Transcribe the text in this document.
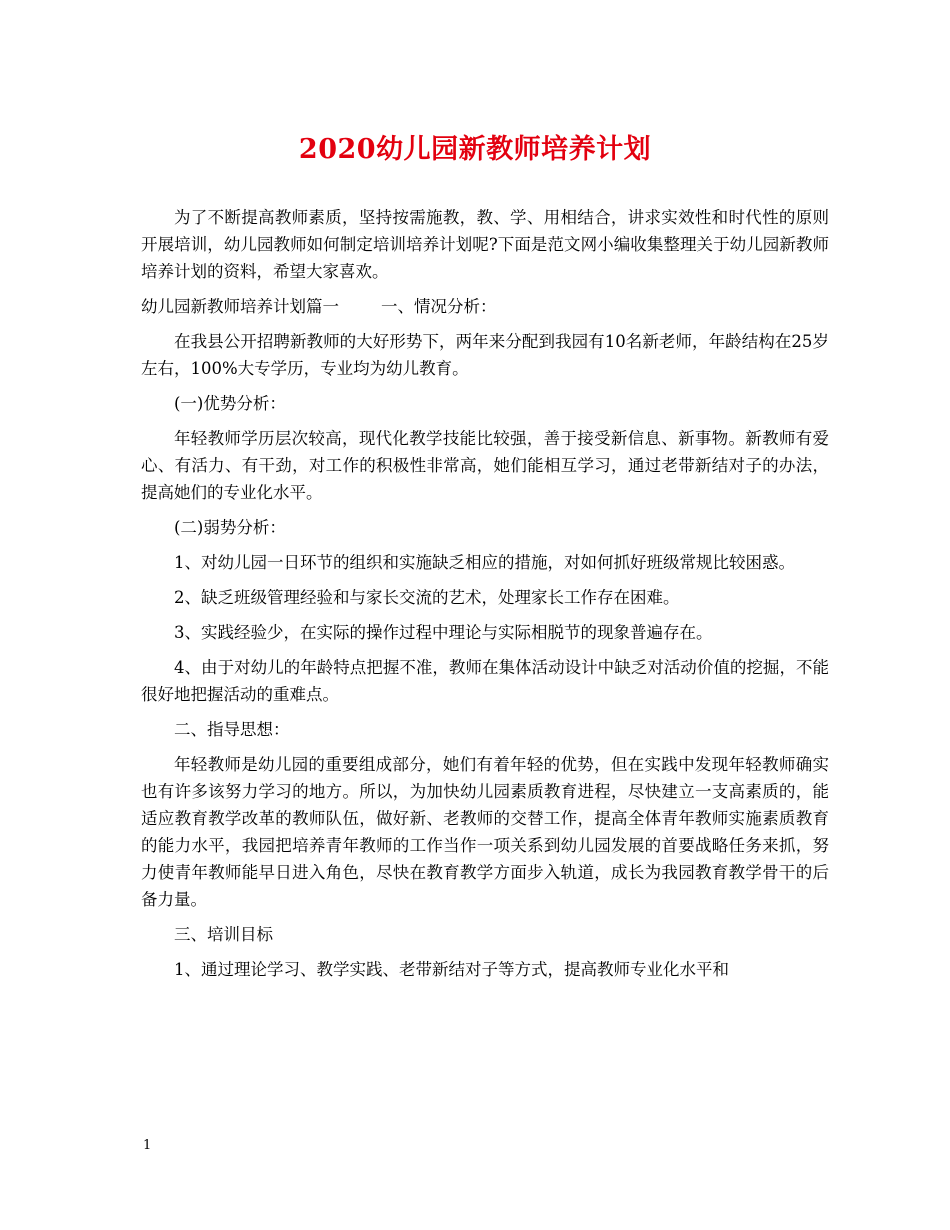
2020幼儿园新教师培养计划

为了不断提高教师素质，坚持按需施教，教、学、用相结合，讲求实效性和时代性的原则开展培训，幼儿园教师如何制定培训培养计划呢?下面是范文网小编收集整理关于幼儿园新教师培养计划的资料，希望大家喜欢。

幼儿园新教师培养计划篇一	一、情况分析：

在我县公开招聘新教师的大好形势下，两年来分配到我园有10名新老师，年龄结构在25岁左右，100%大专学历，专业均为幼儿教育。

(一)优势分析：

年轻教师学历层次较高，现代化教学技能比较强，善于接受新信息、新事物。新教师有爱心、有活力、有干劲，对工作的积极性非常高，她们能相互学习，通过老带新结对子的办法，提高她们的专业化水平。

(二)弱势分析：

1、对幼儿园一日环节的组织和实施缺乏相应的措施，对如何抓好班级常规比较困惑。

2、缺乏班级管理经验和与家长交流的艺术，处理家长工作存在困难。

3、实践经验少，在实际的操作过程中理论与实际相脱节的现象普遍存在。

4、由于对幼儿的年龄特点把握不准，教师在集体活动设计中缺乏对活动价值的挖掘，不能很好地把握活动的重难点。

二、指导思想：

年轻教师是幼儿园的重要组成部分，她们有着年轻的优势，但在实践中发现年轻教师确实也有许多该努力学习的地方。所以，为加快幼儿园素质教育进程，尽快建立一支高素质的，能适应教育教学改革的教师队伍，做好新、老教师的交替工作，提高全体青年教师实施素质教育的能力水平，我园把培养青年教师的工作当作一项关系到幼儿园发展的首要战略任务来抓，努力使青年教师能早日进入角色，尽快在教育教学方面步入轨道，成长为我园教育教学骨干的后备力量。

三、培训目标

1、通过理论学习、教学实践、老带新结对子等方式，提高教师专业化水平和

1
